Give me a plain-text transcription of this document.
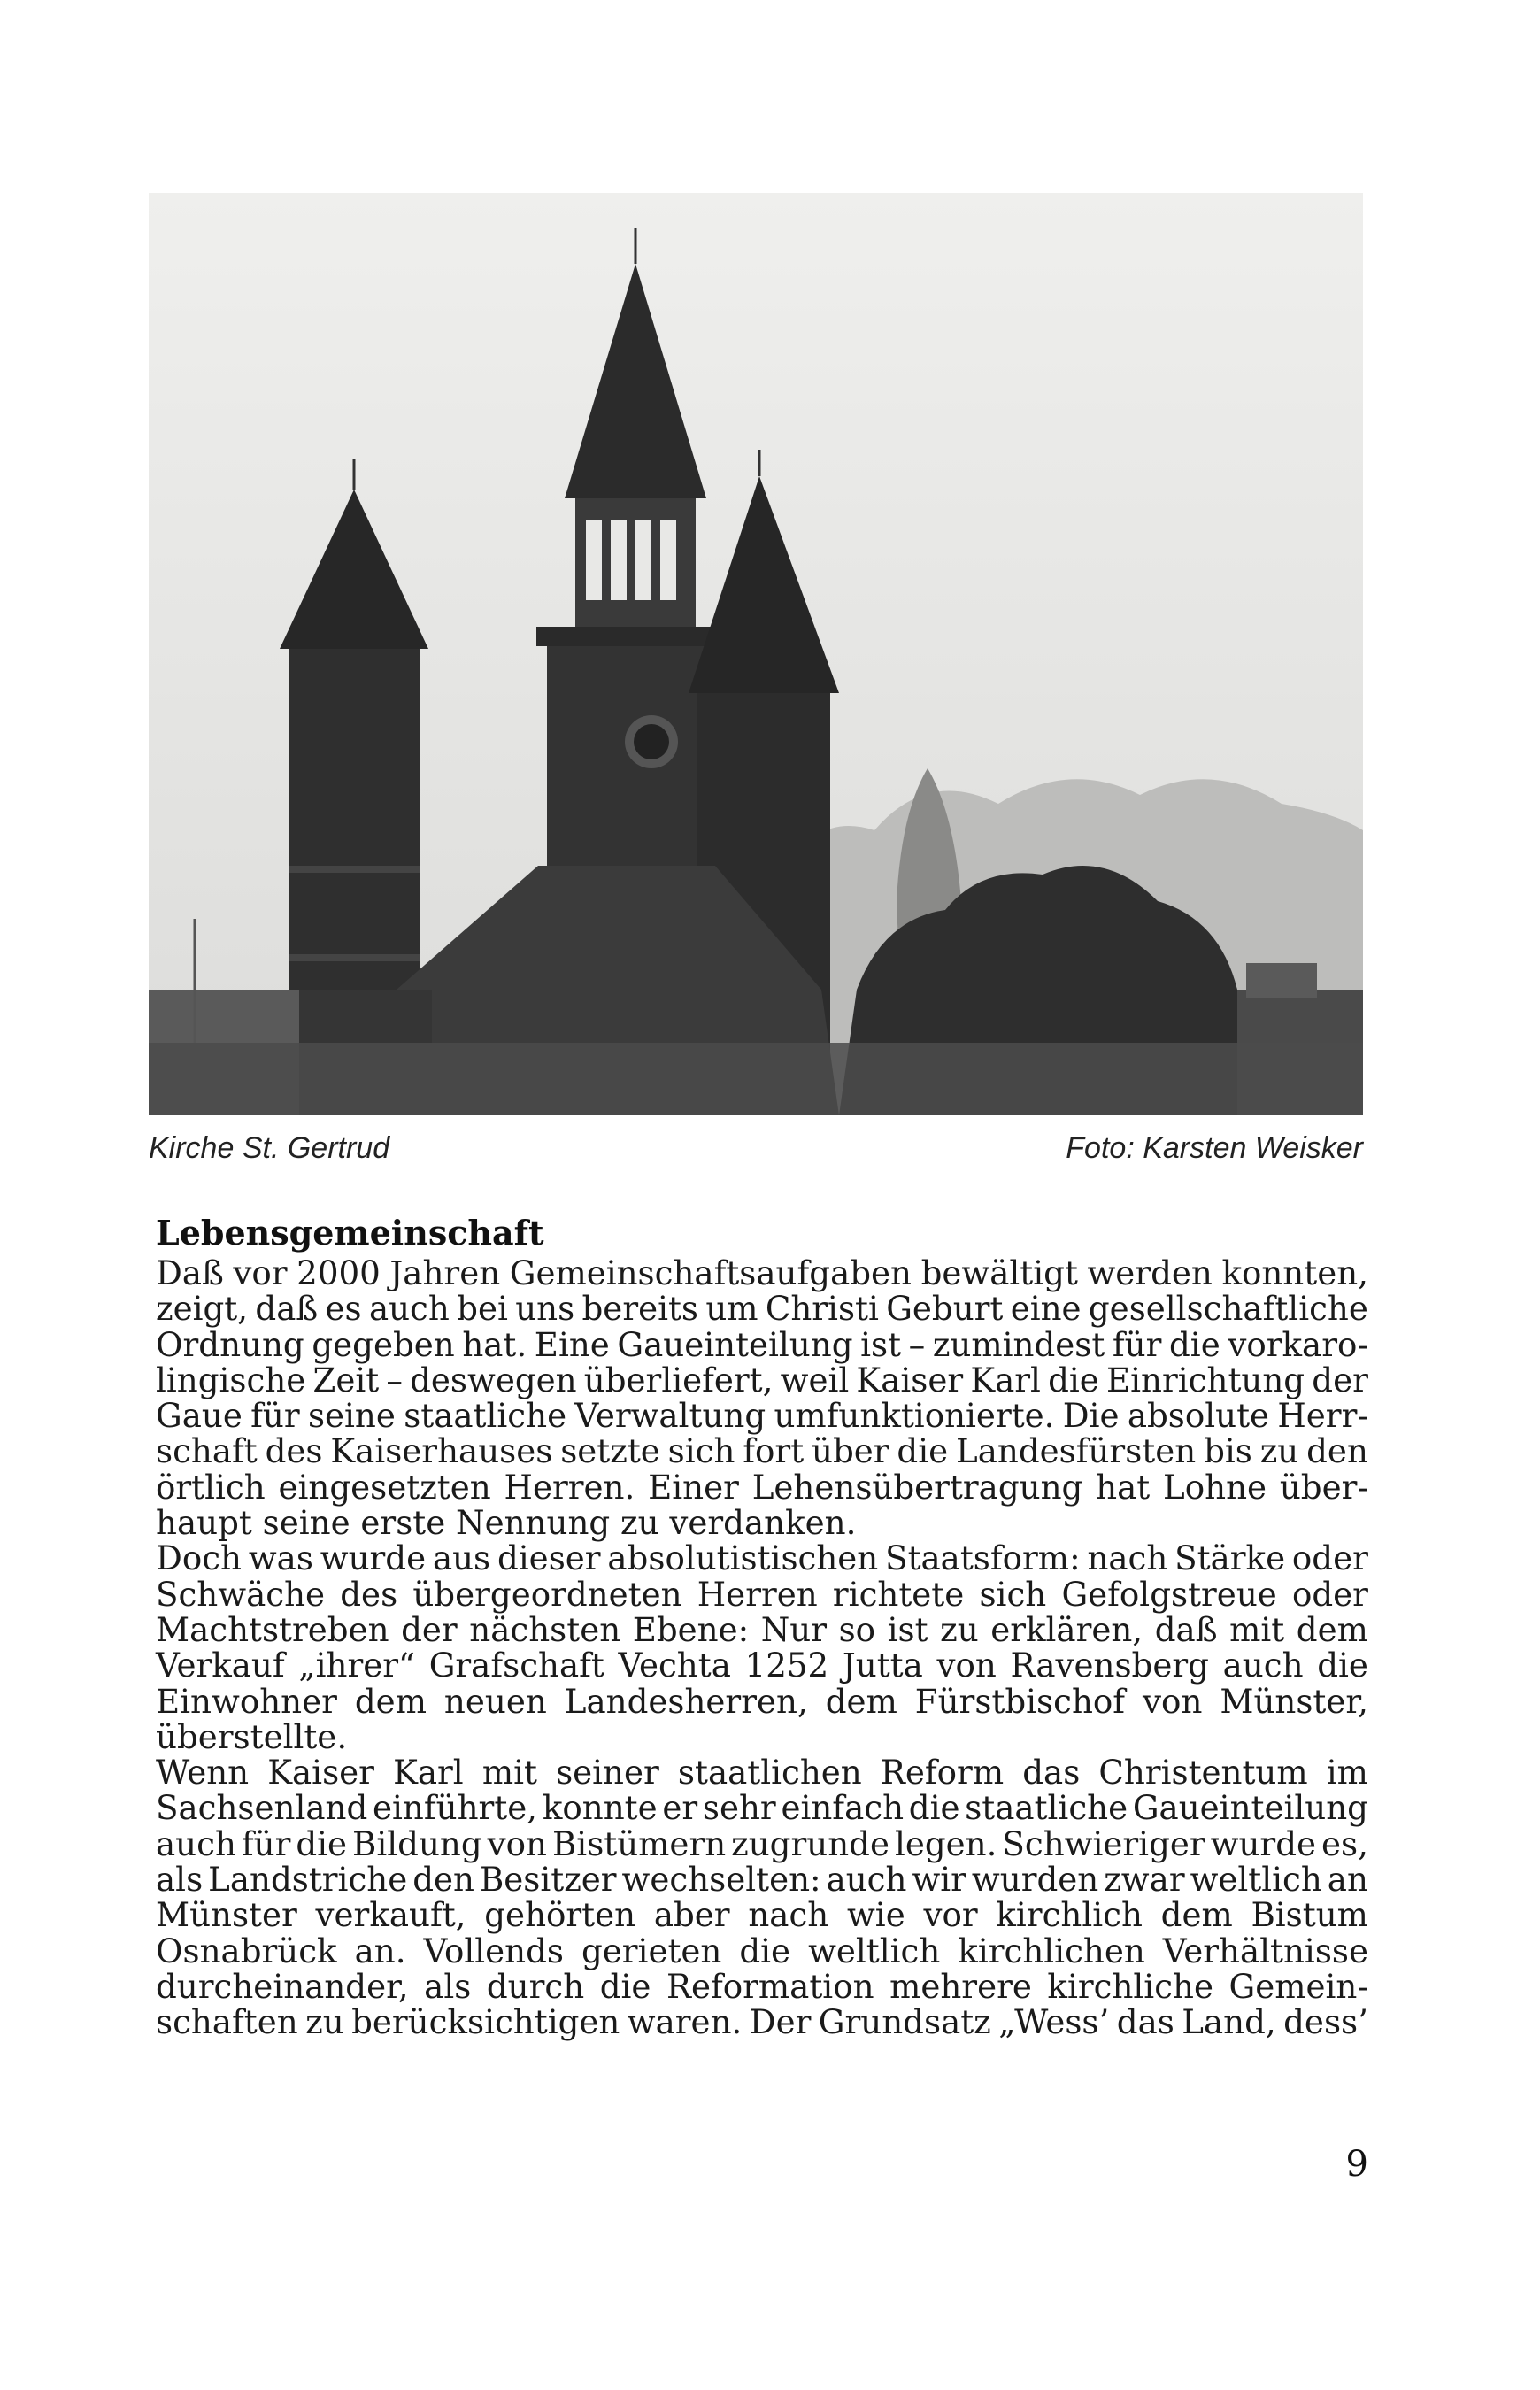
Kirche St. Gertrud	Foto: Karsten Weisker
Lebensgemeinschaft
Daß vor 2000 Jahren Gemeinschaftsaufgaben bewältigt werden konnten,
zeigt, daß es auch bei uns bereits um Christi Geburt eine gesellschaftliche
Ordnung gegeben hat. Eine Gaueinteilung ist – zumindest für die vorkaro-
lingische Zeit – deswegen überliefert, weil Kaiser Karl die Einrichtung der
Gaue für seine staatliche Verwaltung umfunktionierte. Die absolute Herr-
schaft des Kaiserhauses setzte sich fort über die Landesfürsten bis zu den
örtlich eingesetzten Herren. Einer Lehensübertragung hat Lohne über-
haupt seine erste Nennung zu verdanken.
Doch was wurde aus dieser absolutistischen Staatsform: nach Stärke oder
Schwäche des übergeordneten Herren richtete sich Gefolgstreue oder
Machtstreben der nächsten Ebene: Nur so ist zu erklären, daß mit dem
Verkauf „ihrer“ Grafschaft Vechta 1252 Jutta von Ravensberg auch die
Einwohner dem neuen Landesherren, dem Fürstbischof von Münster,
überstellte.
Wenn Kaiser Karl mit seiner staatlichen Reform das Christentum im
Sachsenland einführte, konnte er sehr einfach die staatliche Gaueinteilung
auch für die Bildung von Bistümern zugrunde legen. Schwieriger wurde es,
als Landstriche den Besitzer wechselten: auch wir wurden zwar weltlich an
Münster verkauft, gehörten aber nach wie vor kirchlich dem Bistum
Osnabrück an. Vollends gerieten die weltlich kirchlichen Verhältnisse
durcheinander, als durch die Reformation mehrere kirchliche Gemein-
schaften zu berücksichtigen waren. Der Grundsatz „Wess’ das Land, dess’
9
